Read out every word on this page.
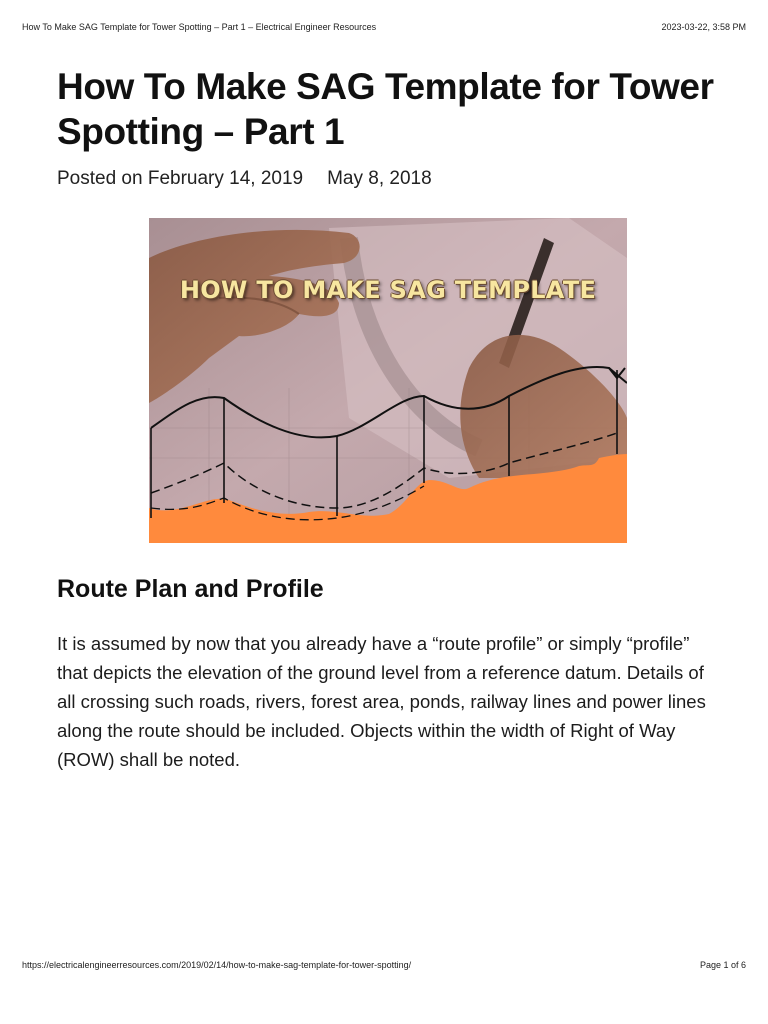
How To Make SAG Template for Tower Spotting – Part 1 – Electrical Engineer Resources	2023-03-22, 3:58 PM
How To Make SAG Template for Tower Spotting – Part 1
Posted on February 14, 2019 May 8, 2018
HOW TO MAKE SAG TEMPLATE
Route Plan and Profile

It is assumed by now that you already have a “route profile” or simply “profile” that depicts the elevation of the ground level from a reference datum. Details of all crossing such roads, rivers, forest area, ponds, railway lines and power lines along the route should be included. Objects within the width of Right of Way (ROW) shall be noted.

https://electricalengineerresources.com/2019/02/14/how-to-make-sag-template-for-tower-spotting/	Page 1 of 6
